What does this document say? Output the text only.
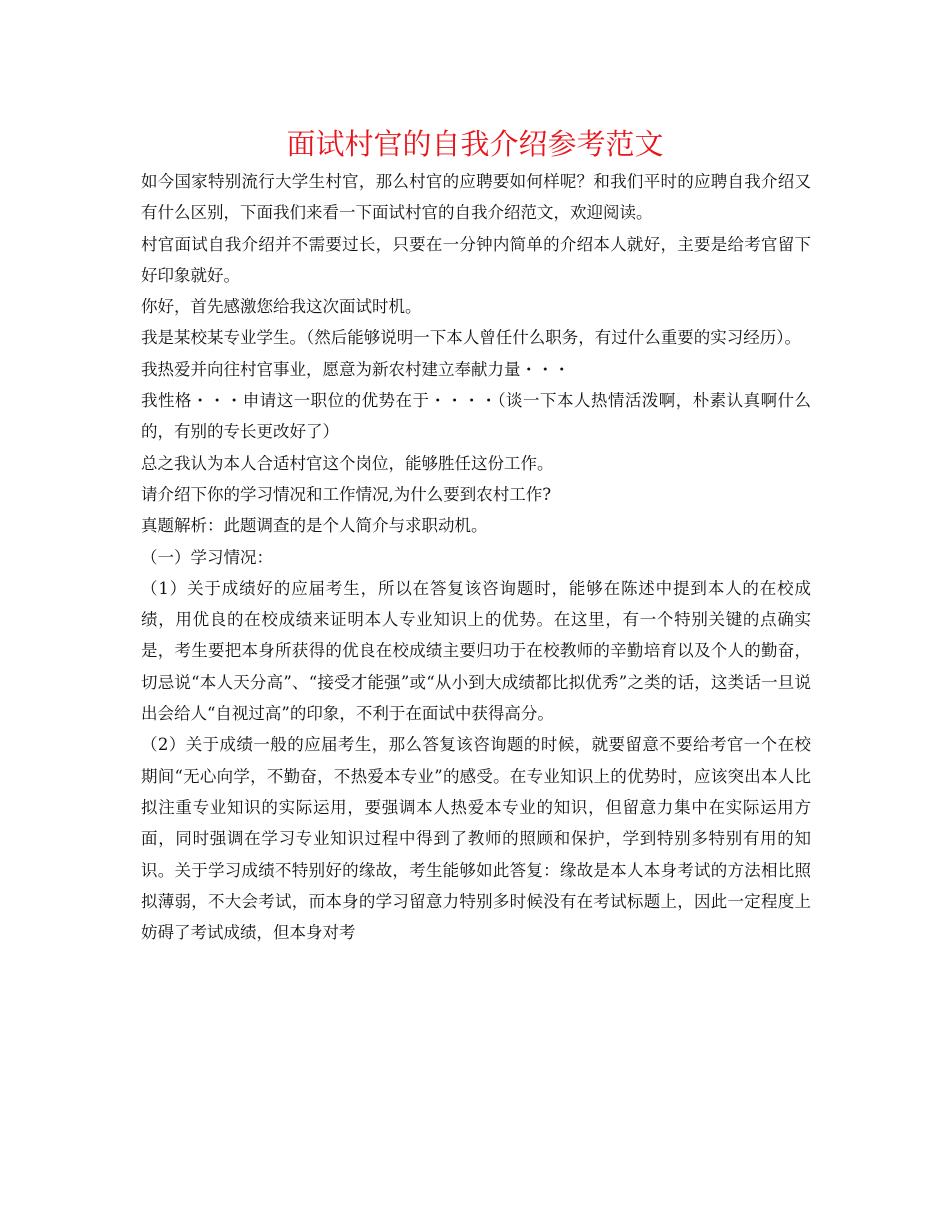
面试村官的自我介绍参考范文

如今国家特别流行大学生村官，那么村官的应聘要如何样呢？和我们平时的应聘自我介绍又有什么区别，下面我们来看一下面试村官的自我介绍范文，欢迎阅读。

村官面试自我介绍并不需要过长，只要在一分钟内简单的介绍本人就好，主要是给考官留下好印象就好。

你好，首先感激您给我这次面试时机。

我是某校某专业学生。（然后能够说明一下本人曾任什么职务，有过什么重要的实习经历）。

我热爱并向往村官事业，愿意为新农村建立奉献力量・・・

我性格・・・申请这一职位的优势在于・・・・（谈一下本人热情活泼啊，朴素认真啊什么的，有别的专长更改好了）

总之我认为本人合适村官这个岗位，能够胜任这份工作。

请介绍下你的学习情况和工作情况,为什么要到农村工作?

真题解析：此题调查的是个人简介与求职动机。

（一）学习情况：

（1）关于成绩好的应届考生，所以在答复该咨询题时，能够在陈述中提到本人的在校成绩，用优良的在校成绩来证明本人专业知识上的优势。在这里，有一个特别关键的点确实是，考生要把本身所获得的优良在校成绩主要归功于在校教师的辛勤培育以及个人的勤奋，切忌说“本人天分高”、“接受才能强”或“从小到大成绩都比拟优秀”之类的话，这类话一旦说出会给人“自视过高”的印象，不利于在面试中获得高分。

（2）关于成绩一般的应届考生，那么答复该咨询题的时候，就要留意不要给考官一个在校期间“无心向学，不勤奋，不热爱本专业”的感受。在专业知识上的优势时，应该突出本人比拟注重专业知识的实际运用，要强调本人热爱本专业的知识，但留意力集中在实际运用方面，同时强调在学习专业知识过程中得到了教师的照顾和保护，学到特别多特别有用的知识。关于学习成绩不特别好的缘故，考生能够如此答复：缘故是本人本身考试的方法相比照拟薄弱，不大会考试，而本身的学习留意力特别多时候没有在考试标题上，因此一定程度上妨碍了考试成绩，但本身对考
